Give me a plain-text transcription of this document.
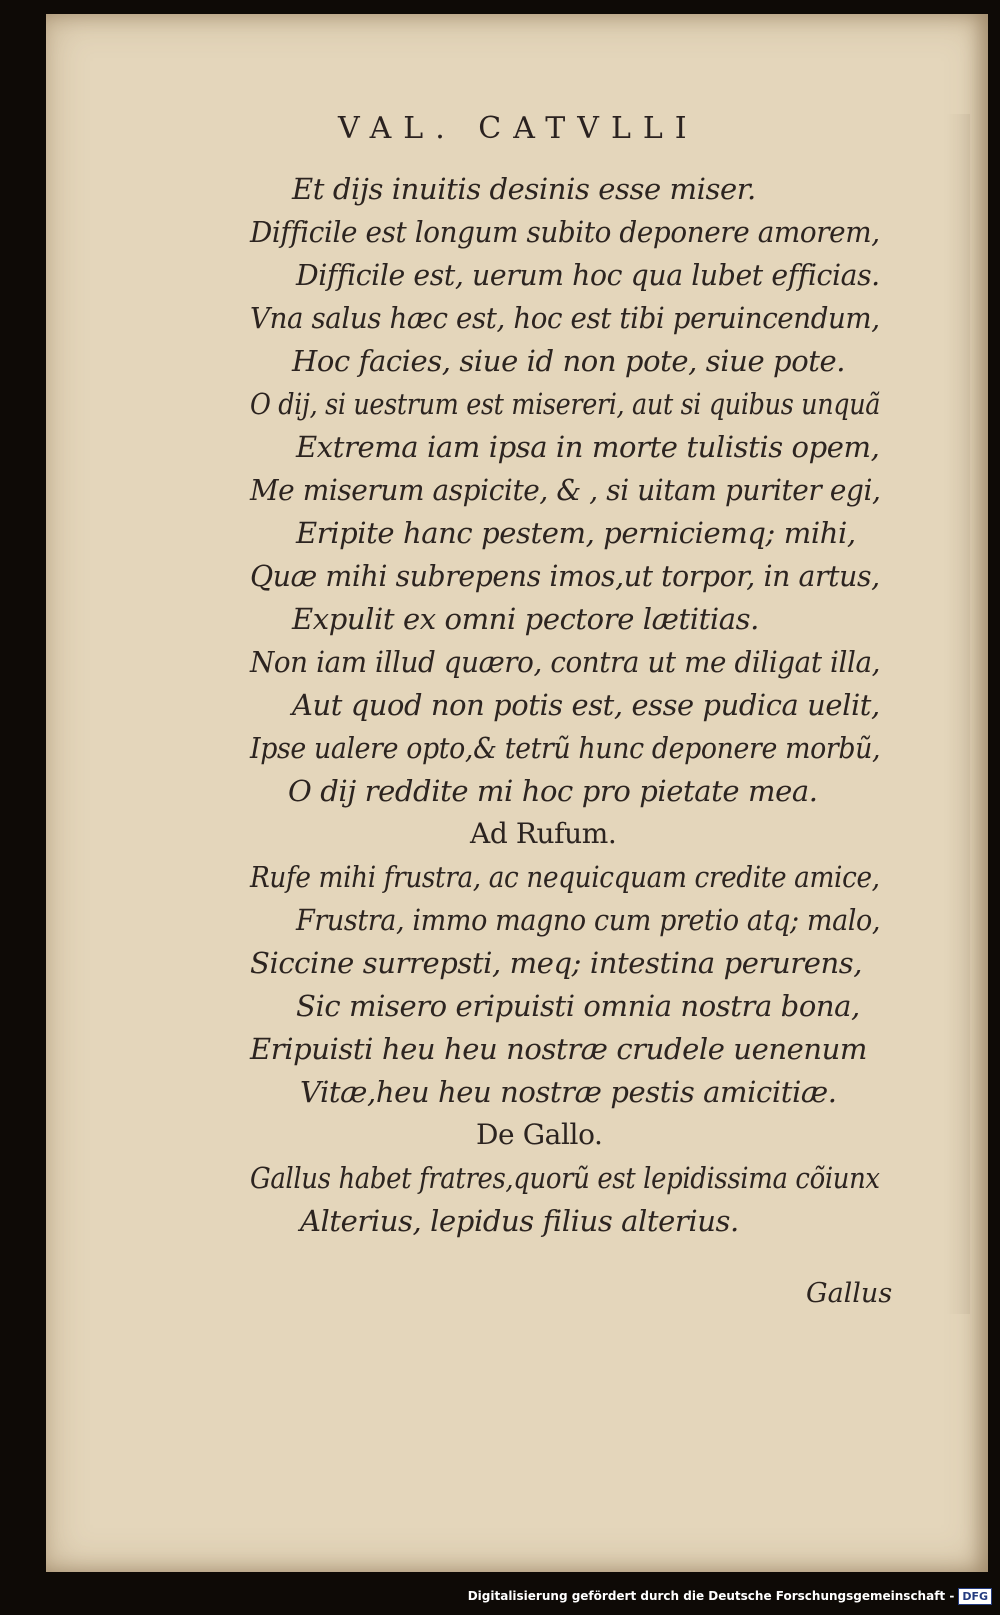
VAL. CATVLLI
Et dijs inuitis desinis esse miser.
Difficile est longum subito deponere amorem,
Difficile est, uerum hoc qua lubet efficias.
Vna salus hæc est, hoc est tibi peruincendum,
Hoc facies, siue id non pote, siue pote.
O dij, si uestrum est misereri, aut si quibus unquã
Extrema iam ipsa in morte tulistis opem,
Me miserum aspicite, & , si uitam puriter egi,
Eripite hanc pestem, perniciemq; mihi,
Quæ mihi subrepens imos,ut torpor, in artus,
Expulit ex omni pectore lætitias.
Non iam illud quæro, contra ut me diligat illa,
Aut quod non potis est, esse pudica uelit,
Ipse ualere opto,& tetrũ hunc deponere morbũ,
O dij reddite mi hoc pro pietate mea.
Ad Rufum.
Rufe mihi frustra, ac nequicquam credite amice,
Frustra, immo magno cum pretio atq; malo,
Siccine surrepsti, meq; intestina perurens,
Sic misero eripuisti omnia nostra bona,
Eripuisti heu heu nostræ crudele uenenum
Vitæ,heu heu nostræ pestis amicitiæ.
De Gallo.
Gallus habet fratres,quorũ est lepidissima cõiunx
Alterius, lepidus filius alterius.
Gallus
Digitalisierung gefördert durch die Deutsche Forschungsgemeinschaft - DFG
